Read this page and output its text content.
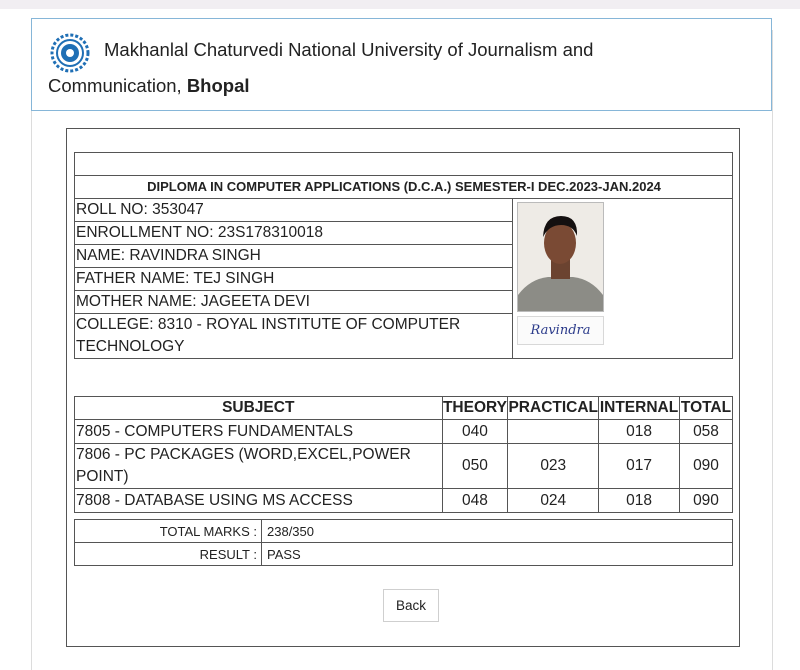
Makhanlal Chaturvedi National University of Journalism and
Communication, Bhopal

DIPLOMA IN COMPUTER APPLICATIONS (D.C.A.) SEMESTER-I DEC.2023-JAN.2024
ROLL NO: 353047	
Ravindra

ENROLLMENT NO: 23S178310018
NAME: RAVINDRA SINGH
FATHER NAME: TEJ SINGH
MOTHER NAME: JAGEETA DEVI
COLLEGE: 8310 - ROYAL INSTITUTE OF COMPUTER TECHNOLOGY
SUBJECT	THEORY	PRACTICAL	INTERNAL	TOTAL
7805 - COMPUTERS FUNDAMENTALS	040		018	058
7806 - PC PACKAGES (WORD,EXCEL,POWER POINT)	050	023	017	090
7808 - DATABASE USING MS ACCESS	048	024	018	090
TOTAL MARKS :	238/350
RESULT :	PASS
Back
